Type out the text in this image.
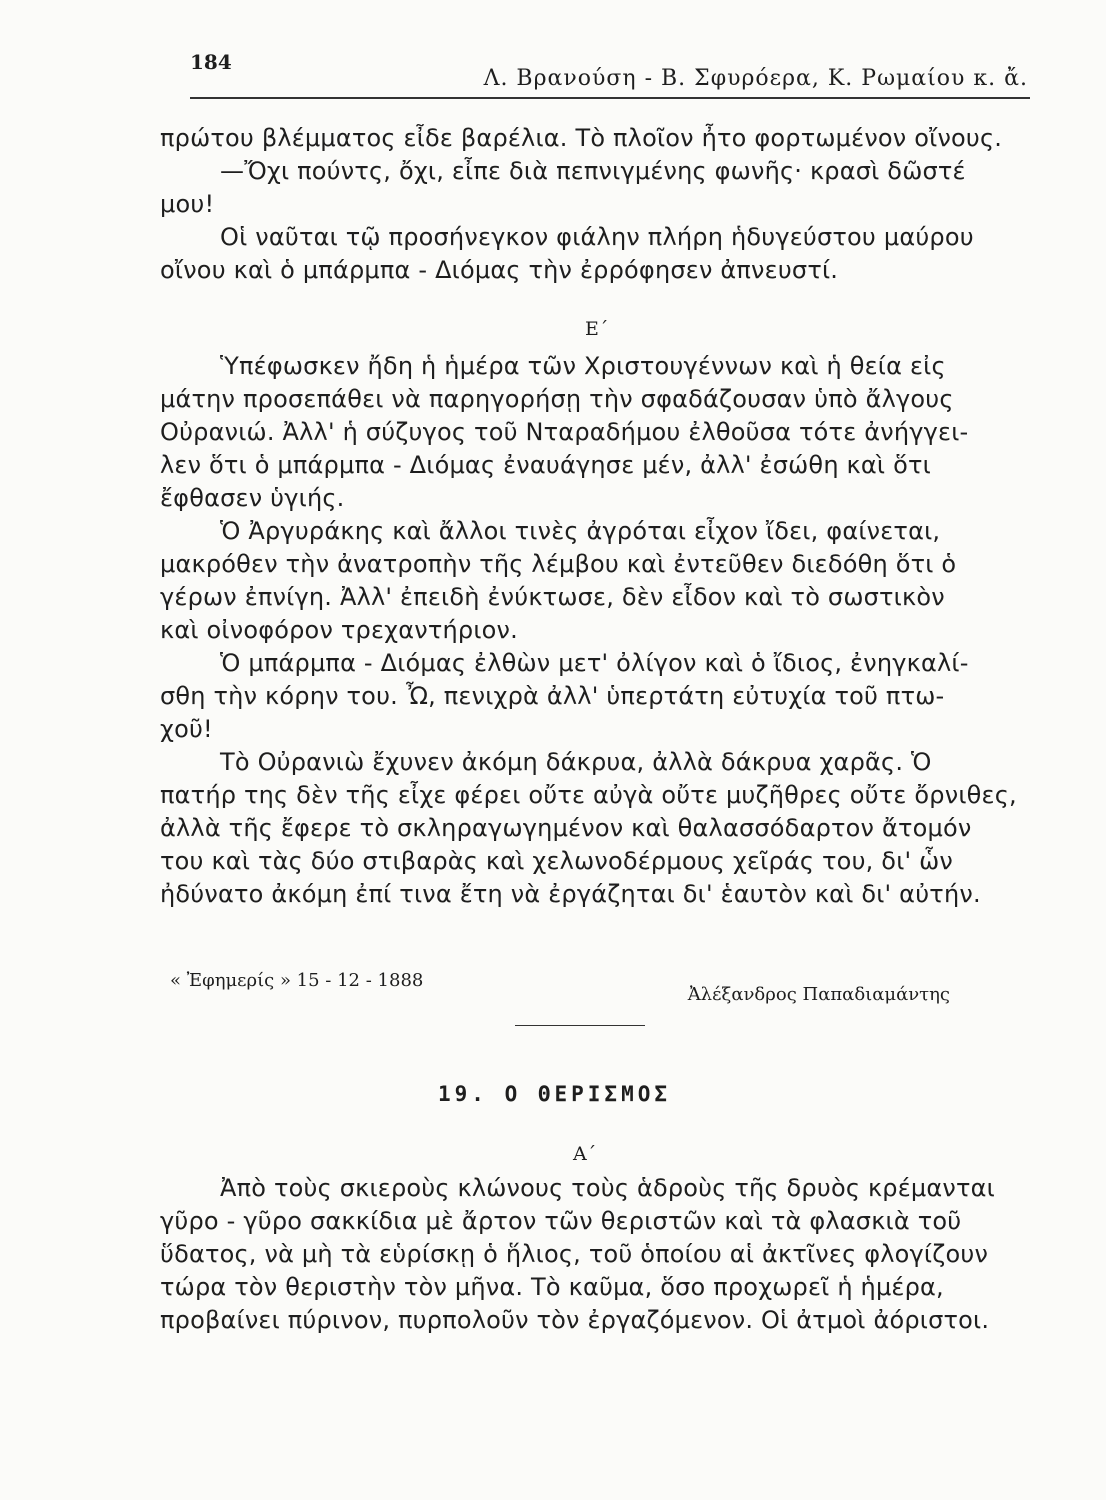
184
Λ. Βρανούση - Β. Σφυρόερα, Κ. Ρωμαίου κ. ἄ.
πρώτου βλέμματος εἶδε βαρέλια. Τὸ πλοῖον ἦτο φορτωμένον οἴνους.
—Ὄχι πούντς, ὄχι, εἶπε διὰ πεπνιγμένης φωνῆς· κρασὶ δῶστέ
μου!
Οἱ ναῦται τῷ προσήνεγκον φιάλην πλήρη ἡδυγεύστου μαύρου
οἴνου καὶ ὁ μπάρμπα - Διόμας τὴν ἐρρόφησεν ἀπνευστί.
Ε΄
Ὑπέφωσκεν ἤδη ἡ ἡμέρα τῶν Χριστουγέννων καὶ ἡ θεία εἰς
μάτην προσεπάθει νὰ παρηγορήσῃ τὴν σφαδάζουσαν ὑπὸ ἄλγους
Οὐρανιώ. Ἀλλ' ἡ σύζυγος τοῦ Νταραδήμου ἐλθοῦσα τότε ἀνήγγει-
λεν ὅτι ὁ μπάρμπα - Διόμας ἐναυάγησε μέν, ἀλλ' ἐσώθη καὶ ὅτι
ἔφθασεν ὑγιής.
Ὁ Ἀργυράκης καὶ ἄλλοι τινὲς ἀγρόται εἶχον ἴδει, φαίνεται,
μακρόθεν τὴν ἀνατροπὴν τῆς λέμβου καὶ ἐντεῦθεν διεδόθη ὅτι ὁ
γέρων ἐπνίγη. Ἀλλ' ἐπειδὴ ἐνύκτωσε, δὲν εἶδον καὶ τὸ σωστικὸν
καὶ οἰνοφόρον τρεχαντήριον.
Ὁ μπάρμπα - Διόμας ἐλθὼν μετ' ὀλίγον καὶ ὁ ἴδιος, ἐνηγκαλί-
σθη τὴν κόρην του. Ὦ, πενιχρὰ ἀλλ' ὑπερτάτη εὐτυχία τοῦ πτω-
χοῦ!
Τὸ Οὐρανιὼ ἔχυνεν ἀκόμη δάκρυα, ἀλλὰ δάκρυα χαρᾶς. Ὁ
πατήρ της δὲν τῆς εἶχε φέρει οὔτε αὐγὰ οὔτε μυζῆθρες οὔτε ὄρνιθες,
ἀλλὰ τῆς ἔφερε τὸ σκληραγωγημένον καὶ θαλασσόδαρτον ἄτομόν
του καὶ τὰς δύο στιβαρὰς καὶ χελωνοδέρμους χεῖράς του, δι' ὧν
ἠδύνατο ἀκόμη ἐπί τινα ἔτη νὰ ἐργάζηται δι' ἑαυτὸν καὶ δι' αὐτήν.
« Ἐφημερίς » 15 - 12 - 1888
Ἀλέξανδρος Παπαδιαμάντης
19. Ο ΘΕΡΙΣΜΟΣ
Α΄
Ἀπὸ τοὺς σκιεροὺς κλώνους τοὺς ἁδροὺς τῆς δρυὸς κρέμανται
γῦρο - γῦρο σακκίδια μὲ ἄρτον τῶν θεριστῶν καὶ τὰ φλασκιὰ τοῦ
ὕδατος, νὰ μὴ τὰ εὑρίσκῃ ὁ ἥλιος, τοῦ ὁποίου αἱ ἀκτῖνες φλογίζουν
τώρα τὸν θεριστὴν τὸν μῆνα. Τὸ καῦμα, ὅσο προχωρεῖ ἡ ἡμέρα,
προβαίνει πύρινον, πυρπολοῦν τὸν ἐργαζόμενον. Οἱ ἀτμοὶ ἀόριστοι.
